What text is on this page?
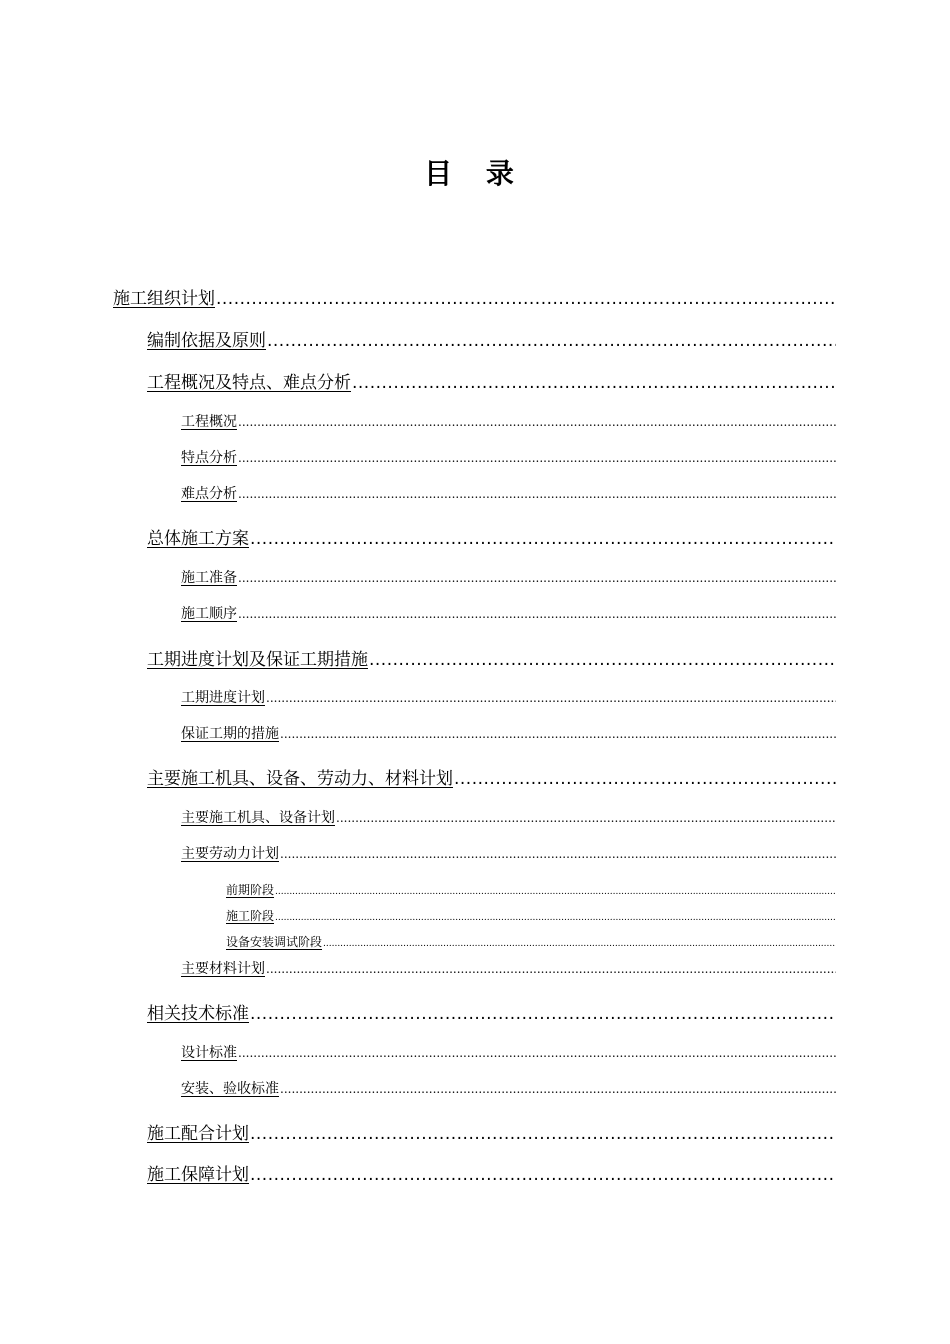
目 录
施工组织计划
.....
编制依据及原则
.....
工程概况及特点、难点分析
.....
工程概况
.....
特点分析
.....
难点分析
.....
总体施工方案
.....
施工准备
.....
施工顺序
.....
工期进度计划及保证工期措施
.....
工期进度计划
.....
保证工期的措施
.....
主要施工机具、设备、劳动力、材料计划
.....
主要施工机具、设备计划
.....
主要劳动力计划
.....
前期阶段
.....
施工阶段
.....
设备安装调试阶段
.....
主要材料计划
.....
相关技术标准
.....
设计标准
.....
安装、验收标准
.....
施工配合计划
.....
施工保障计划
.....
